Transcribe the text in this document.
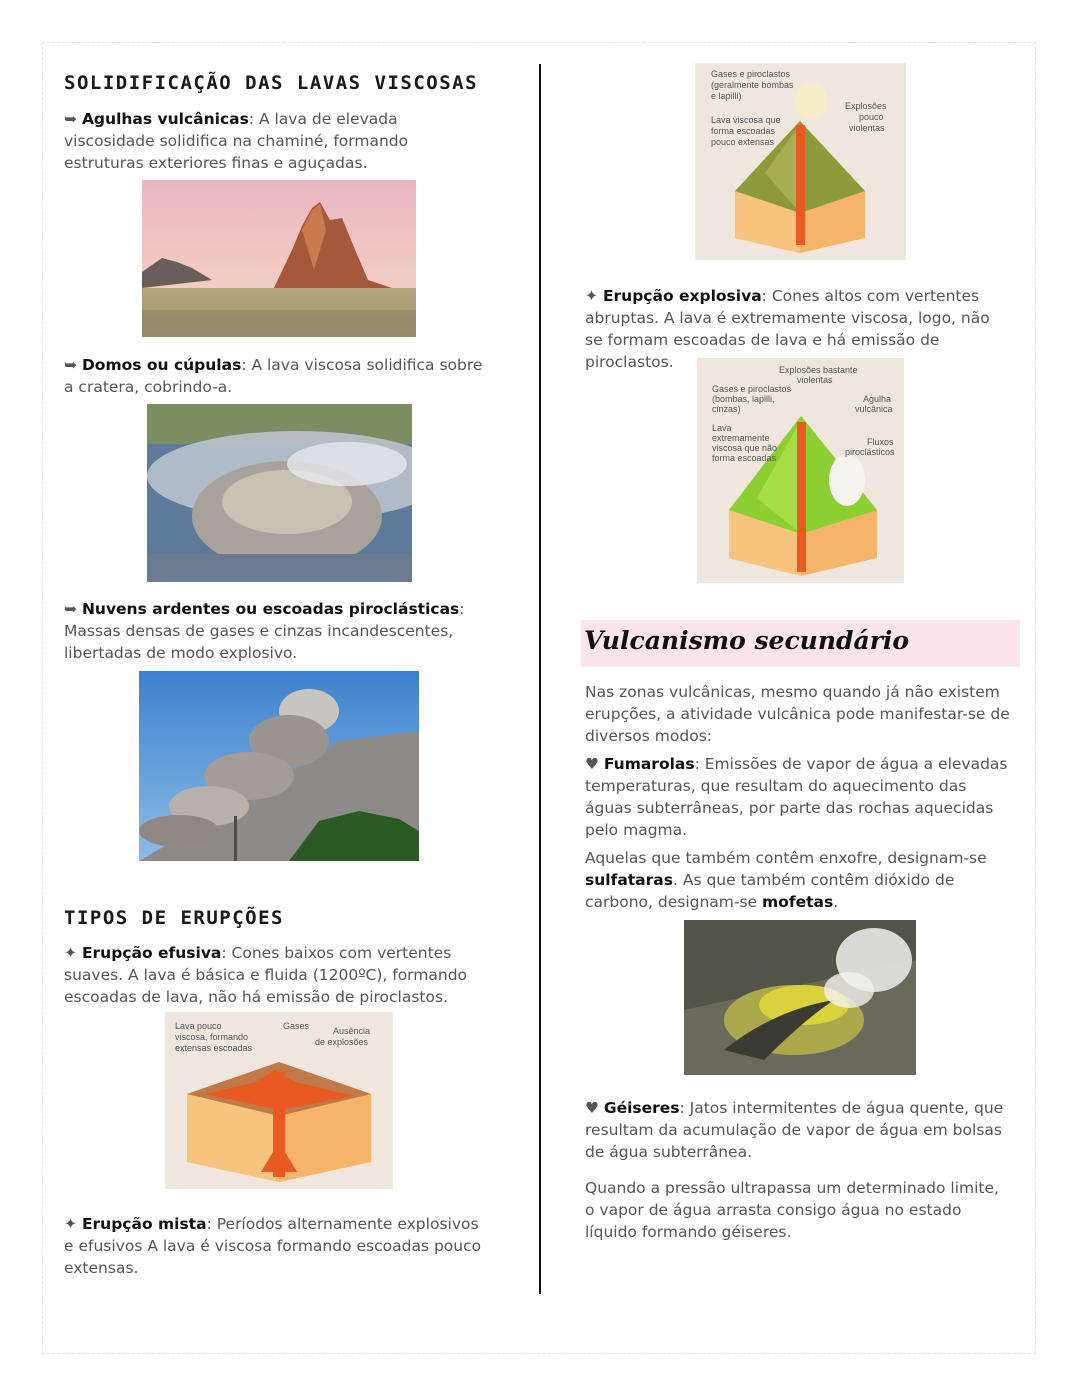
SOLIDIFICAÇÃO DAS LAVAS VISCOSAS
➥ Agulhas vulcânicas: A lava de elevada viscosidade solidifica na chaminé, formando estruturas exteriores finas e aguçadas.
➥ Domos ou cúpulas: A lava viscosa solidifica sobre a cratera, cobrindo-a.
➥ Nuvens ardentes ou escoadas piroclásticas: Massas densas de gases e cinzas incandescentes, libertadas de modo explosivo.
TIPOS DE ERUPÇÕES
✦ Erupção efusiva: Cones baixos com vertentes suaves. A lava é básica e fluida (1200ºC), formando escoadas de lava, não há emissão de piroclastos.
Lava pouco
viscosa, formando
extensas escoadas
Gases	Ausência
de explosões
✦ Erupção mista: Períodos alternamente explosivos e efusivos A lava é viscosa formando escoadas pouco extensas.
Gases e piroclastos
(geralmente bombas
e lapilli)
Explosões
pouco
violentas
Lava viscosa que
forma escoadas
pouco extensas
✦ Erupção explosiva: Cones altos com vertentes abruptas. A lava é extremamente viscosa, logo, não se formam escoadas de lava e há emissão de piroclastos.	Explosões bastante
violentas
Gases e piroclastos
(bombas, lapilli,
cinzas)
Agulha
vulcânica
Lava
extremamente
viscosa que não
forma escoadas
Fluxos
piroclásticos
Vulcanismo secundário
Nas zonas vulcânicas, mesmo quando já não existem erupções, a atividade vulcânica pode manifestar-se de diversos modos:
♥ Fumarolas: Emissões de vapor de água a elevadas temperaturas, que resultam do aquecimento das águas subterrâneas, por parte das rochas aquecidas pelo magma.
Aquelas que também contêm enxofre, designam-se sulfataras. As que também contêm dióxido de carbono, designam-se mofetas.
♥ Géiseres: Jatos intermitentes de água quente, que resultam da acumulação de vapor de água em bolsas de água subterrânea.
Quando a pressão ultrapassa um determinado limite, o vapor de água arrasta consigo água no estado líquido formando géiseres.
